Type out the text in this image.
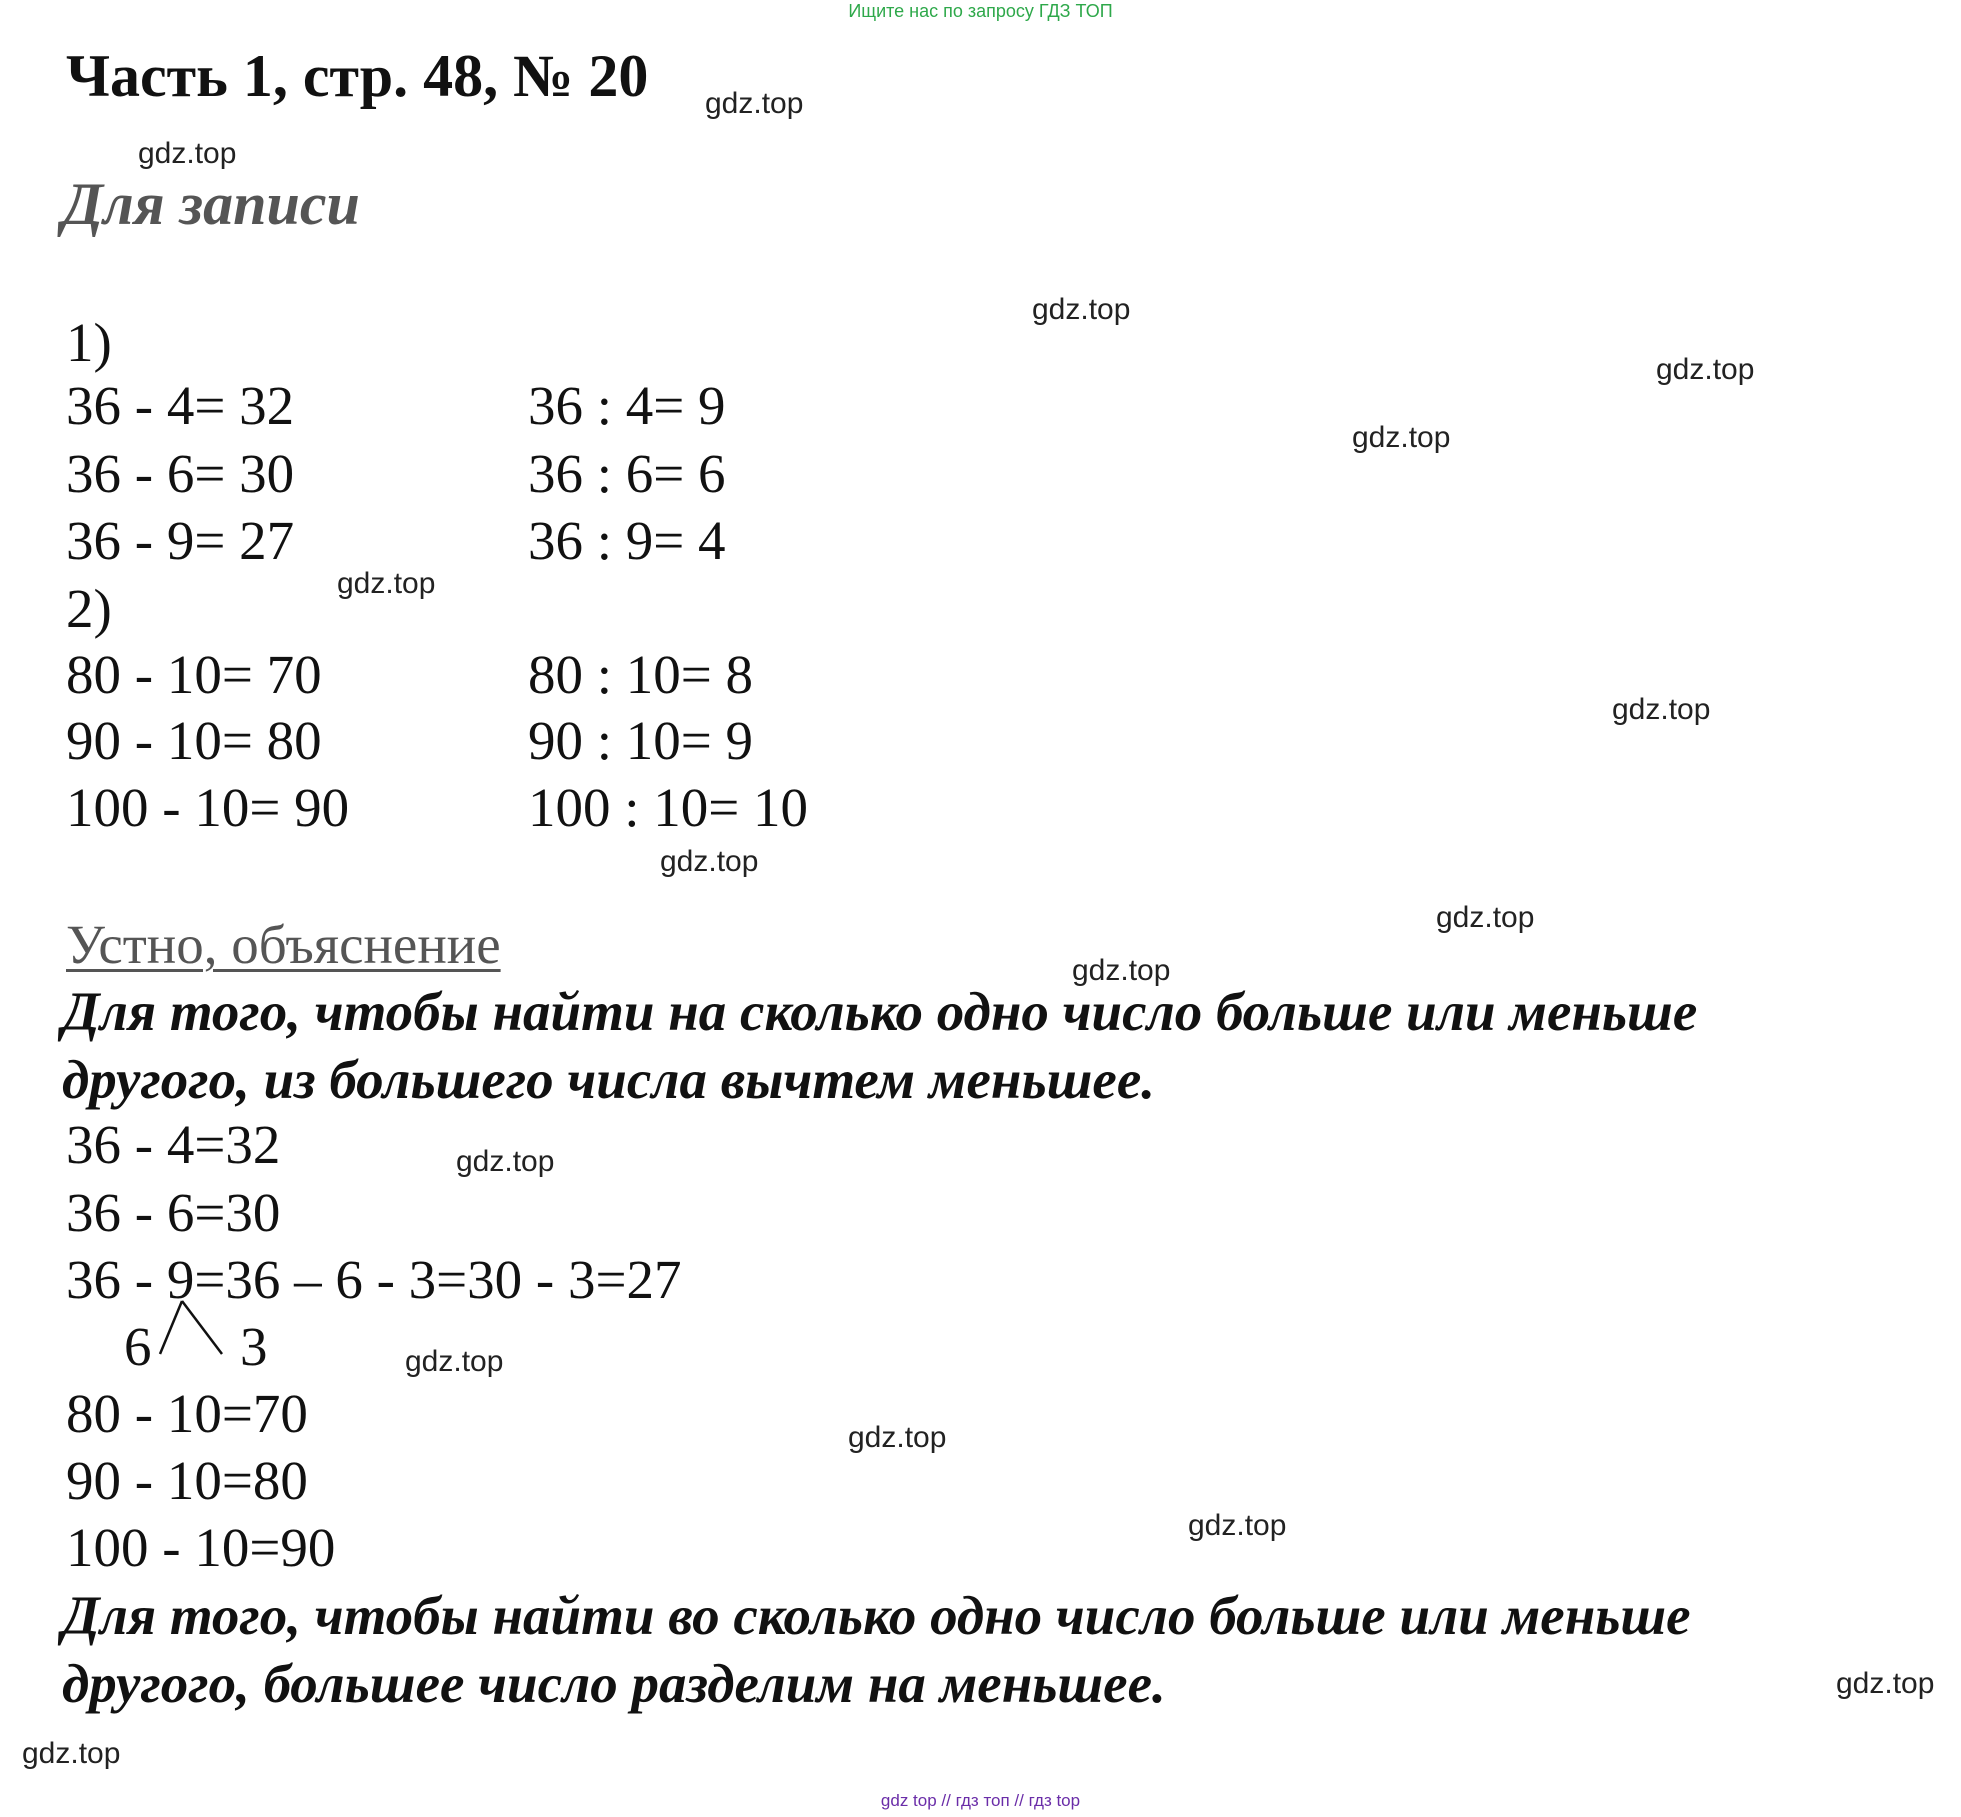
Ищите нас по запросу ГДЗ ТОП
Часть 1, стр. 48, № 20
Для записи
1)
36 - 4= 32
36 - 6= 30
36 - 9= 27
36 : 4= 9
36 : 6= 6
36 : 9= 4
2)
80 - 10= 70
90 - 10= 80
100 - 10= 90
80 : 10= 8
90 : 10= 9
100 : 10= 10
Устно, объяснение
Для того, чтобы найти на сколько одно число больше или меньше
другого, из большего числа вычтем меньшее.
36 - 4=32
36 - 6=30
36 - 9=36 – 6 - 3=30 - 3=27
6 3
80 - 10=70
90 - 10=80
100 - 10=90
Для того, чтобы найти во сколько одно число больше или меньше
другого, большее число разделим на меньшее.
gdz.top
gdz.top
gdz.top
gdz.top
gdz.top
gdz.top
gdz.top
gdz.top
gdz.top
gdz.top
gdz.top
gdz.top
gdz.top
gdz.top
gdz.top
gdz.top
gdz top // гдз топ // гдз top
